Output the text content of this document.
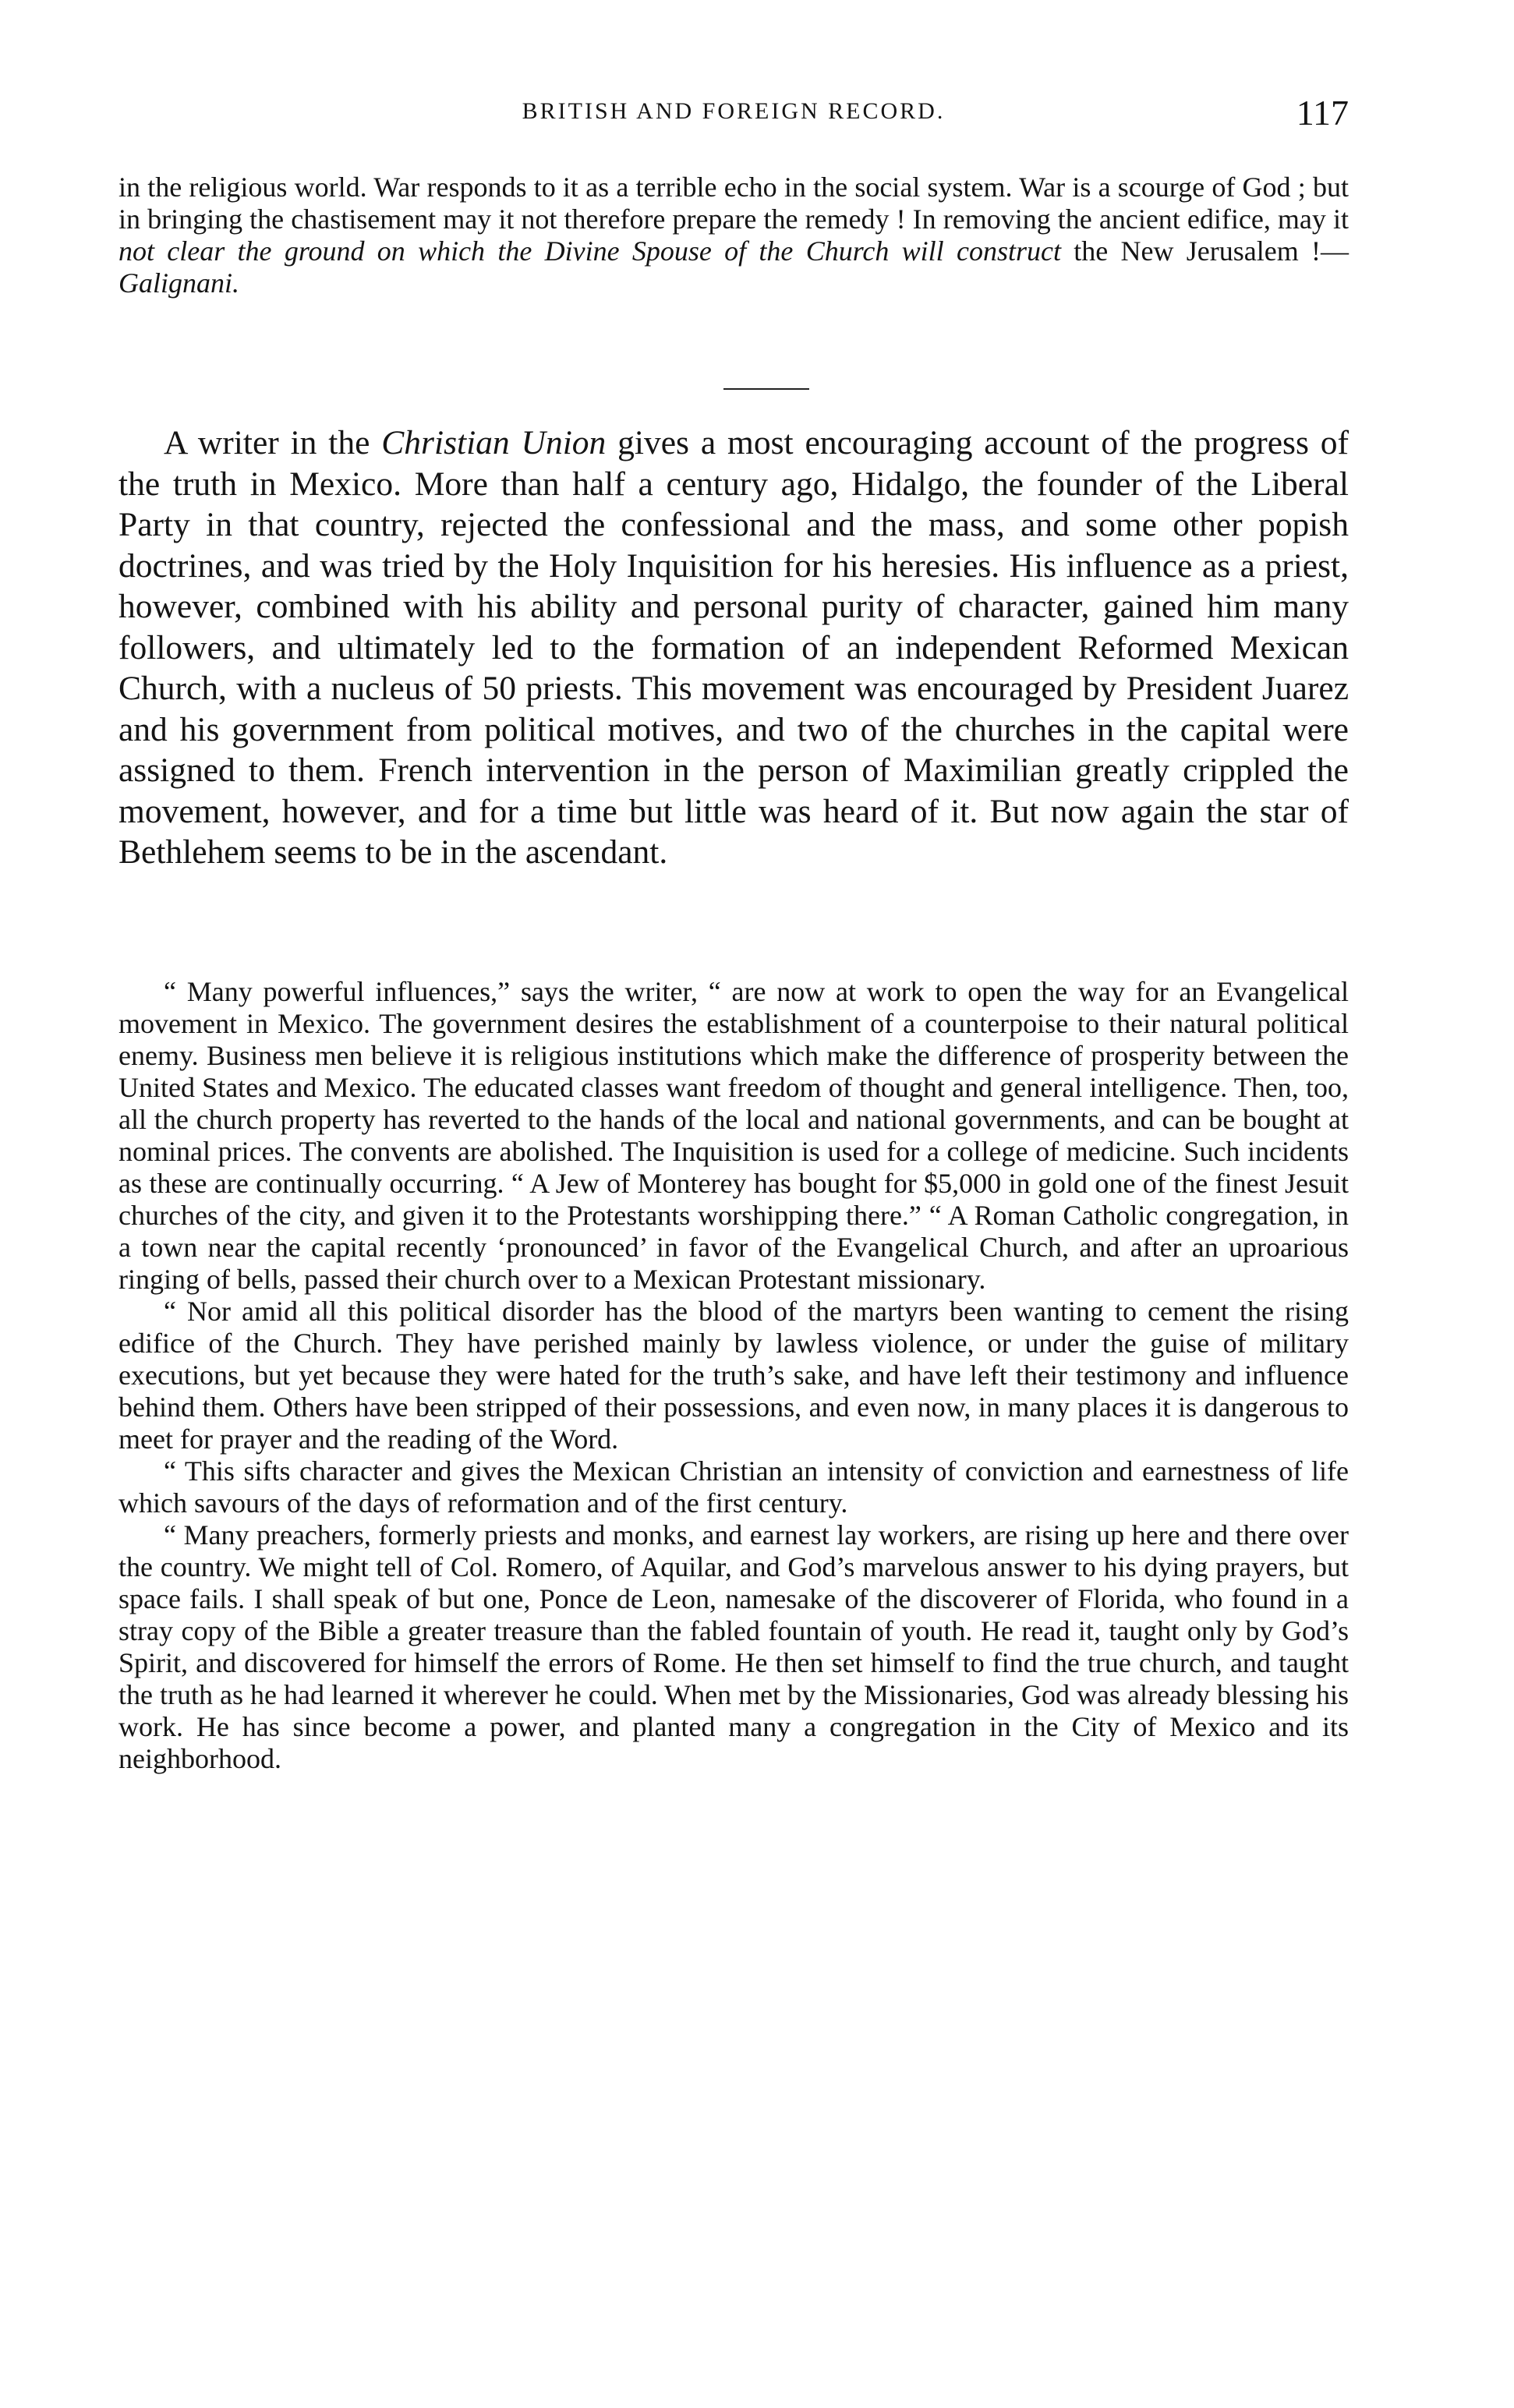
BRITISH AND FOREIGN RECORD.	117

in the religious world. War responds to it as a terrible echo in the social system. War is a scourge of God ; but in bringing the chastisement may it not therefore prepare the remedy ! In removing the ancient edifice, may it not clear the ground on which the Divine Spouse of the Church will construct the New Jerusalem !—Galignani.

A writer in the Christian Union gives a most encouraging account of the progress of the truth in Mexico. More than half a century ago, Hidalgo, the founder of the Liberal Party in that country, rejected the confessional and the mass, and some other popish doctrines, and was tried by the Holy Inquisition for his heresies. His influence as a priest, however, combined with his ability and personal purity of character, gained him many followers, and ultimately led to the formation of an independent Reformed Mexican Church, with a nucleus of 50 priests. This movement was encouraged by President Juarez and his government from political motives, and two of the churches in the capital were assigned to them. French intervention in the person of Maximilian greatly crippled the movement, however, and for a time but little was heard of it. But now again the star of Bethlehem seems to be in the ascendant.

“ Many powerful influences,” says the writer, “ are now at work to open the way for an Evangelical movement in Mexico. The government desires the establishment of a counterpoise to their natural political enemy. Business men believe it is religious institutions which make the difference of prosperity between the United States and Mexico. The educated classes want freedom of thought and general intelligence. Then, too, all the church property has reverted to the hands of the local and national governments, and can be bought at nominal prices. The convents are abolished. The Inquisition is used for a college of medicine. Such incidents as these are continually occurring. “ A Jew of Monterey has bought for $5,000 in gold one of the finest Jesuit churches of the city, and given it to the Protestants worshipping there.” “ A Roman Catholic congregation, in a town near the capital recently ‘pronounced’ in favor of the Evangelical Church, and after an uproarious ringing of bells, passed their church over to a Mexican Protestant missionary.

“ Nor amid all this political disorder has the blood of the martyrs been wanting to cement the rising edifice of the Church. They have perished mainly by lawless violence, or under the guise of military executions, but yet because they were hated for the truth’s sake, and have left their testimony and influence behind them. Others have been stripped of their possessions, and even now, in many places it is dangerous to meet for prayer and the reading of the Word.

“ This sifts character and gives the Mexican Christian an intensity of conviction and earnestness of life which savours of the days of reformation and of the first century.

“ Many preachers, formerly priests and monks, and earnest lay workers, are rising up here and there over the country. We might tell of Col. Romero, of Aquilar, and God’s marvelous answer to his dying prayers, but space fails. I shall speak of but one, Ponce de Leon, namesake of the discoverer of Florida, who found in a stray copy of the Bible a greater treasure than the fabled fountain of youth. He read it, taught only by God’s Spirit, and discovered for himself the errors of Rome. He then set himself to find the true church, and taught the truth as he had learned it wherever he could. When met by the Missionaries, God was already blessing his work. He has since become a power, and planted many a congregation in the City of Mexico and its neighborhood.
